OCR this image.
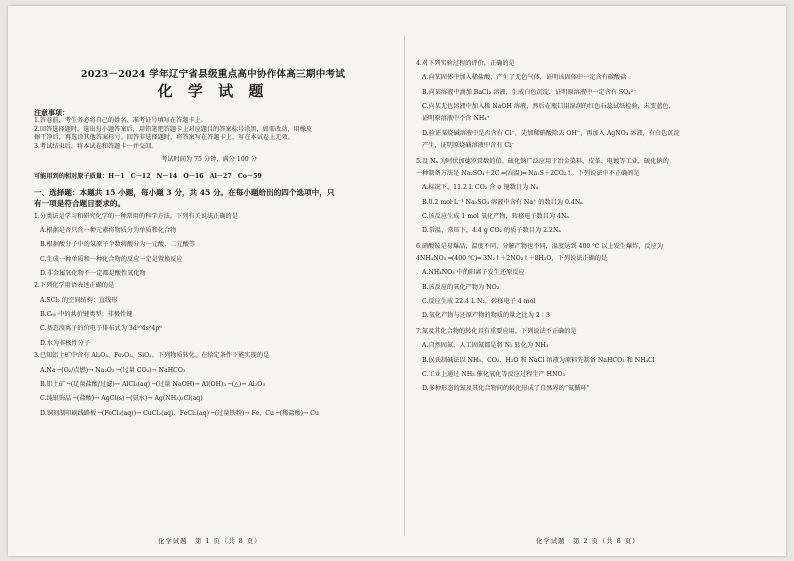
2023－2024 学年辽宁省县级重点高中协作体高三期中考试
化 学 试 题

注意事项：

1.答卷前，考生务必将自己的姓名、准考证号填写在答题卡上。

2.回答选择题时，选出每小题答案后，用铅笔把答题卡上对应题目的答案标号涂黑，如需改动，用橡皮

擦干净后，再选涂其他答案标号。回答非选择题时，将答案写在答题卡上，写在本试卷上无效。

3.考试结束后，将本试卷和答题卡一并交回。

考试时间为 75 分钟，满分 100 分

可能用到的相对原子质量：H－1　C－12　N－14　O－16　Al－27　Co－59

一、选择题：本题共 15 小题，每小题 3 分，共 45 分。在每小题给出的四个选项中，只

有一项是符合题目要求的。

1.分类法是学习和研究化学的一种常用的科学方法。下列有关说法正确的是

A.根据是否只含一种元素将物质分为单质和化合物

B.根据酸分子中的氢原子个数将酸分为一元酸、二元酸等

C.生成一种单质和一种化合物的反应一定是置换反应

D.非金属氧化物不一定都是酸性氧化物

2.下列化学用语表述正确的是

A.SCl₂ 的空间结构：直线形

B.C₆₀ 中的共价键类型：非极性键

C.基态溴离子的价电子排布式为 3d¹⁰4s²4p⁶

D.水为非极性分子

3.已知铝土矿中含有 Al₂O₃、Fe₂O₃、SiO₂。下列物质转化，在给定条件下能实现的是

A.Na ─(O₂/点燃)→ Na₂O₂ ─(过量 CO₂)→ NaHCO₃

B.铝土矿 ─(足量盐酸/过滤)→ AlCl₃(aq) ─(过量 NaOH)→ Al(OH)₃ ─(△)→ Al₂O₃

C.纯银饰品 ─(盐酸)→ AgCl(s) ─(氨水)→ Ag(NH₃)₂Cl(aq)

D.铜刻制印刷线路板 ─(FeCl₃(aq))→ CuCl₂(aq)、FeCl₂(aq) ─(过量铁粉)→ Fe、Cu ─(稀盐酸)→ Cu

4.对下列实验过程的评价，正确的是

A.向某固体中加入稀盐酸，产生了无色气体，证明该固体中一定含有碳酸盐

B.向某溶液中滴加 BaCl₂ 溶液，生成白色沉淀，证明原溶液中一定含有 SO₄²⁻

C.向某无色溶液中加入稀 NaOH 溶液，然后在瓶口用湿润的红色石蕊试纸检验，未变蓝色，

证明原溶液中不含 NH₄⁺

D.验证某烧碱溶液中是否含有 Cl⁻，先加稀硝酸除去 OH⁻，再加入 AgNO₃ 溶液，有白色沉淀

产生，证明原烧碱溶液中含有 Cl⁻

5.设 Nₐ 为阿伏加德罗常数的值。硫化钠广泛应用于冶金染料、皮革、电镀等工业，硫化钠的

一种制备方法是 Na₂SO₄＋2C ═(高温)═ Na₂S＋2CO₂↑。下列说法中不正确的是

A.标况下，11.2 L CO₂ 含 σ 键数目为 Nₐ

B.0.2 mol·L⁻¹ Na₂SO₄ 溶液中含有 Na⁺ 的数目为 0.4Nₐ

C.该反应生成 1 mol 氧化产物，转移电子数目为 4Nₐ

D.常温、常压下，4.4 g CO₂ 的质子数目为 2.2Nₐ

6.硝酸铵是易爆品，温度不同，分解产物也不同，温度达到 400 ℃ 以上发生爆炸，反应为

4NH₄NO₃ ═(400 ℃)═ 3N₂↑＋2NO₂↑＋8H₂O，下列说法正确的是

A.NH₄NO₃ 中的阳离子发生还原反应

B.该反应的氧化产物为 NO₂

C.反应生成 22.4 L N₂，转移电子 4 mol

D.氧化产物与还原产物的物质的量之比为 2∶3

7.氮及其化合物的转化具有重要应用。下列说法不正确的是

A.自然固氮、人工固氮都是将 N₂ 转化为 NH₃

B.侯氏制碱法以 NH₃、CO₂、H₂O 和 NaCl 溶液为原料先制备 NaHCO₃ 和 NH₄Cl

C.工业上通过 NH₃ 催化氧化等反应过程生产 HNO₃

D.多种形态的氮及其化合物间的转化形成了自然界的“氮循环”

化学试题　第 1 页（共 8 页）	化学试题　第 2 页（共 8 页）
